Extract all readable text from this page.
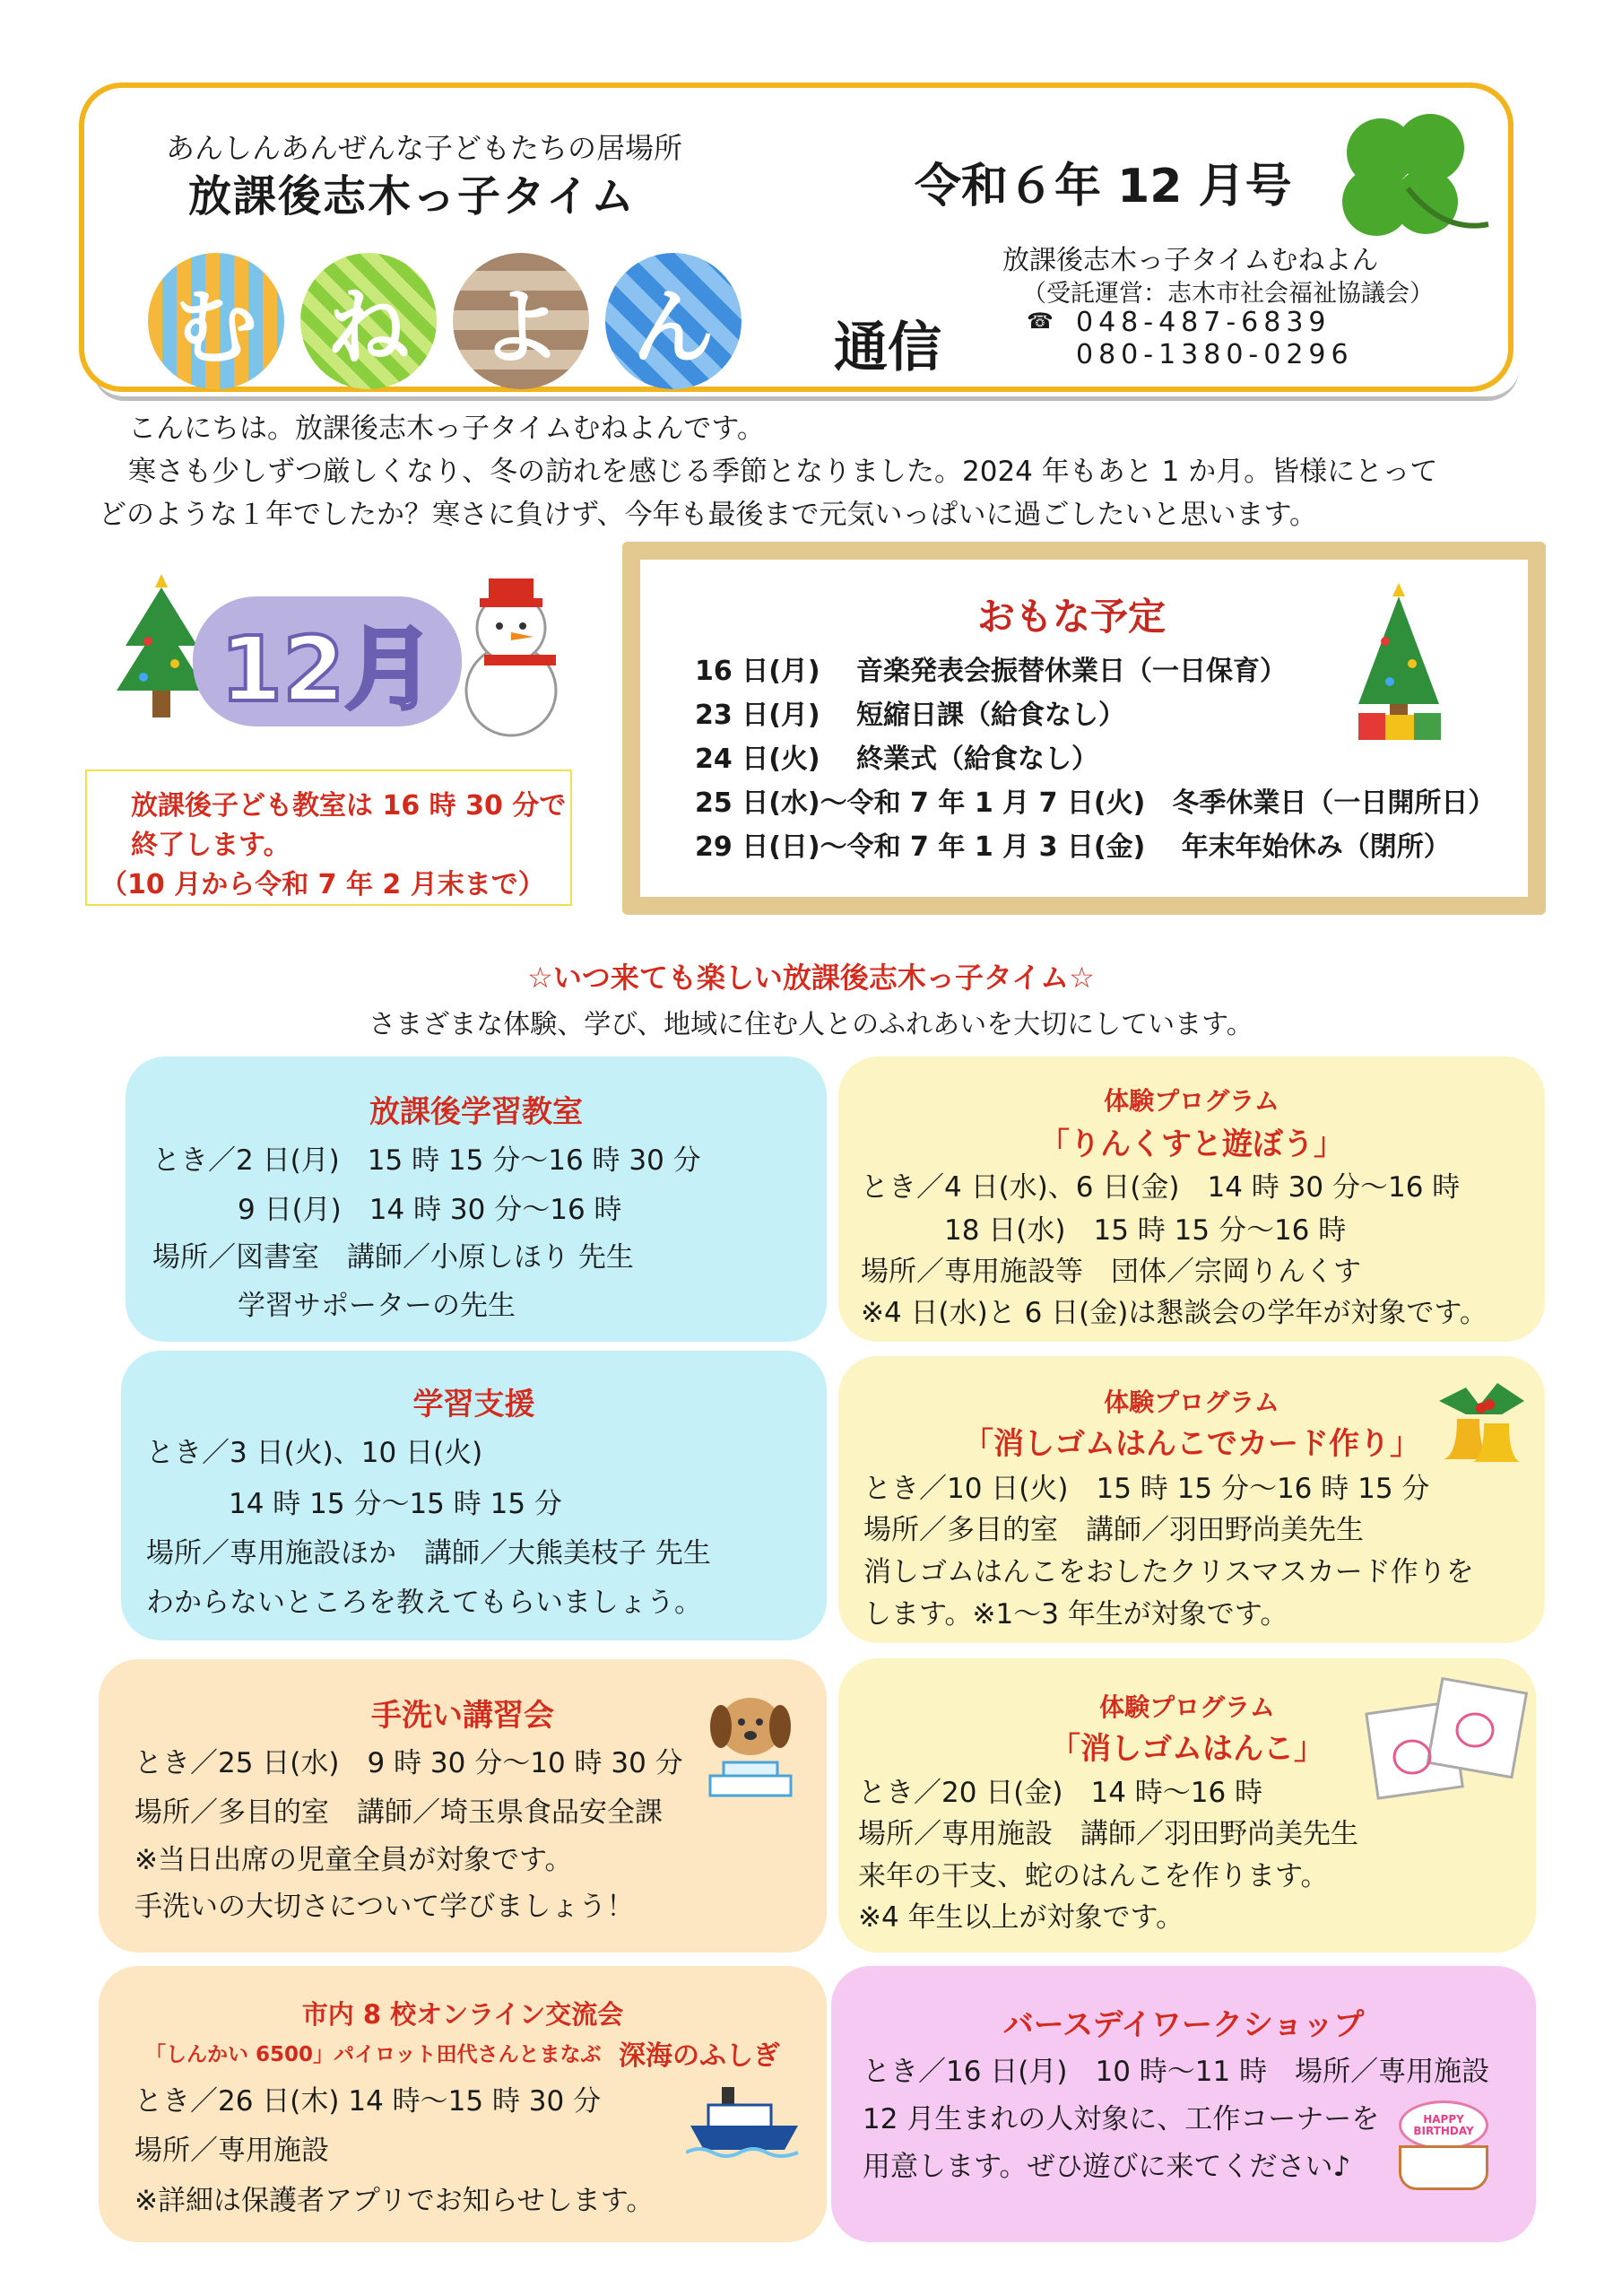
あんしんあんぜんな子どもたちの居場所
放課後志木っ子タイム
む ね よ ん	通信
令和６年 12 月号
放課後志木っ子タイムむねよん
（受託運営：志木市社会福祉協議会）
☎ 048-487-6839
080-1380-0296
こんにちは。放課後志木っ子タイムむねよんです。
寒さも少しずつ厳しくなり、冬の訪れを感じる季節となりました。2024 年もあと 1 か月。皆様にとって
どのような１年でしたか？寒さに負けず、今年も最後まで元気いっぱいに過ごしたいと思います。
12月
放課後子ども教室は 16 時 30 分で
終了します。
（10 月から令和 7 年 2 月末まで）
おもな予定
16 日(月)　 音楽発表会振替休業日（一日保育）
23 日(月)　 短縮日課（給食なし）
24 日(火)　 終業式（給食なし）
25 日(水)～令和 7 年 1 月 7 日(火)　冬季休業日（一日開所日）
29 日(日)～令和 7 年 1 月 3 日(金)　 年末年始休み（閉所）
☆いつ来ても楽しい放課後志木っ子タイム☆
さまざまな体験、学び、地域に住む人とのふれあいを大切にしています。
放課後学習教室
とき／2 日(月)　15 時 15 分～16 時 30 分
9 日(月)　14 時 30 分～16 時
場所／図書室　講師／小原しほり 先生
学習サポーターの先生
学習支援
とき／3 日(火)、10 日(火)
14 時 15 分～15 時 15 分
場所／専用施設ほか　講師／大熊美枝子 先生
わからないところを教えてもらいましょう。
手洗い講習会
とき／25 日(水)　9 時 30 分～10 時 30 分
場所／多目的室　講師／埼玉県食品安全課
※当日出席の児童全員が対象です。
手洗いの大切さについて学びましょう！
市内 8 校オンライン交流会
「しんかい 6500」パイロット田代さんとまなぶ 深海のふしぎ
とき／26 日(木) 14 時～15 時 30 分
場所／専用施設
※詳細は保護者アプリでお知らせします。
体験プログラム
「りんくすと遊ぼう」
とき／4 日(水)、6 日(金)　14 時 30 分～16 時
18 日(水)　15 時 15 分～16 時
場所／専用施設等　団体／宗岡りんくす
※4 日(水)と 6 日(金)は懇談会の学年が対象です。
体験プログラム
「消しゴムはんこでカード作り」
とき／10 日(火)　15 時 15 分～16 時 15 分
場所／多目的室　講師／羽田野尚美先生
消しゴムはんこをおしたクリスマスカード作りを
します。※1～3 年生が対象です。
体験プログラム
「消しゴムはんこ」
とき／20 日(金)　14 時～16 時
場所／専用施設　講師／羽田野尚美先生
来年の干支、蛇のはんこを作ります。
※4 年生以上が対象です。
バースデイワークショップ
とき／16 日(月)　10 時～11 時　場所／専用施設
12 月生まれの人対象に、工作コーナーを
用意します。ぜひ遊びに来てください♪
HAPPY BIRTHDAY
